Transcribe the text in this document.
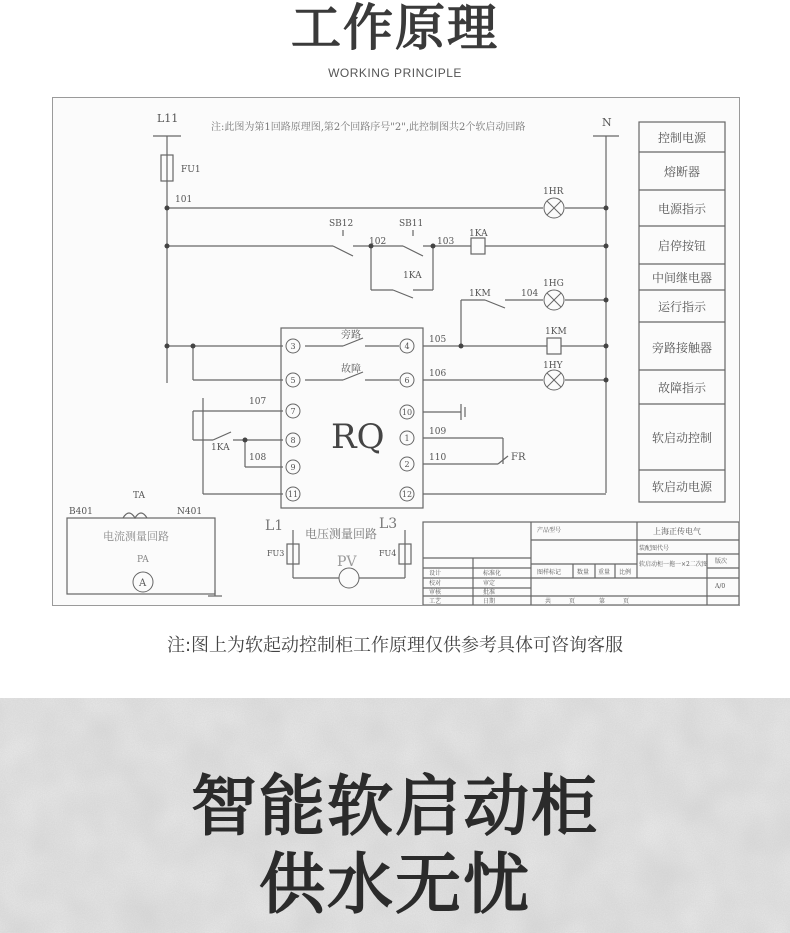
工作原理
WORKING PRINCIPLE
注:此图为第1回路原理图,第2个回路序号"2",此控制图共2个软启动回路
L11	N
FU1
101
102	103
104
105
106
107
108
109
110
SB12	SB11
1KA
1KA
1KM
1KA
1KM
1HR
1HG
1HY
RQ
旁路
故障
FR
3	4
5	6
7	10
8	1
9	2
11	12
控制电源
熔断器
电源指示
启停按钮
中间继电器
运行指示
旁路接触器
故障指示
软启动控制
软启动电源
B401	N401
TA
电流测量回路
PA
A
L1	L3
电压测量回路
FU3	FU4
PV
产品型号	上海正传电气
装配图代号
软启动柜一拖一×2二次图 版次
A/0
设计	标准化
校对	审定
审核	批准
工艺	日期
图样标记	数量 重量 比例
共	页	第	页
注:图上为软起动控制柜工作原理仅供参考具体可咨询客服
智能软启动柜
供水无忧
